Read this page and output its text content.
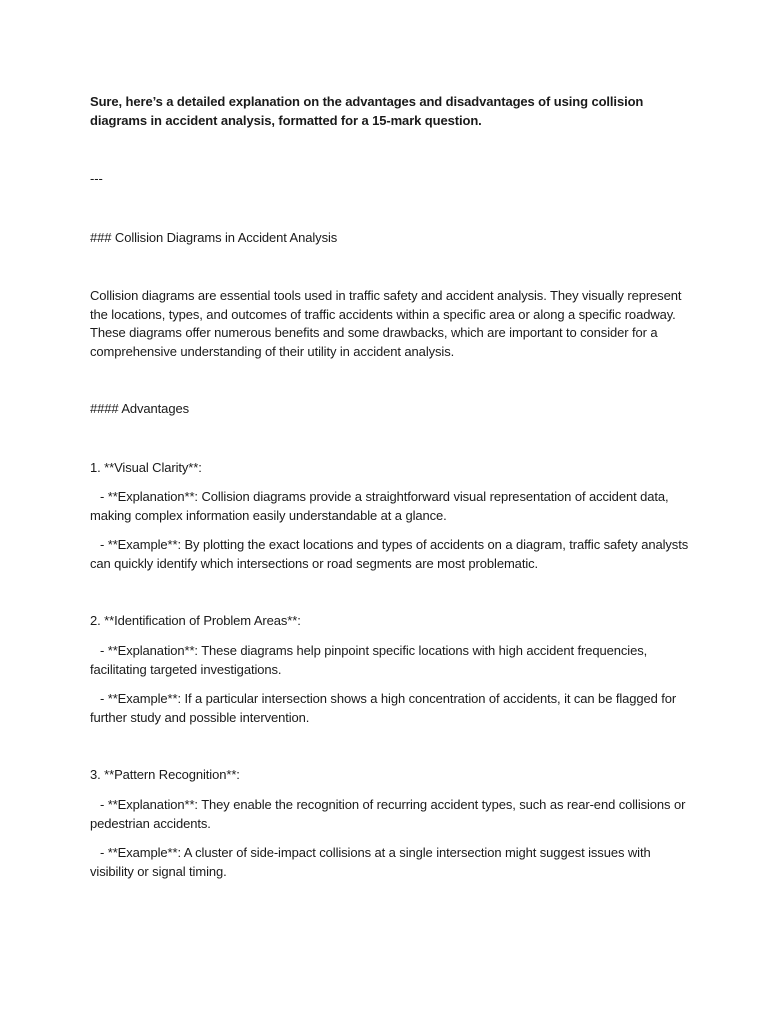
Sure, here’s a detailed explanation on the advantages and disadvantages of using collision diagrams in accident analysis, formatted for a 15-mark question.

---

### Collision Diagrams in Accident Analysis

Collision diagrams are essential tools used in traffic safety and accident analysis. They visually represent the locations, types, and outcomes of traffic accidents within a specific area or along a specific roadway. These diagrams offer numerous benefits and some drawbacks, which are important to consider for a comprehensive understanding of their utility in accident analysis.

#### Advantages

1. **Visual Clarity**:

- **Explanation**: Collision diagrams provide a straightforward visual representation of accident data, making complex information easily understandable at a glance.

- **Example**: By plotting the exact locations and types of accidents on a diagram, traffic safety analysts can quickly identify which intersections or road segments are most problematic.

2. **Identification of Problem Areas**:

- **Explanation**: These diagrams help pinpoint specific locations with high accident frequencies, facilitating targeted investigations.

- **Example**: If a particular intersection shows a high concentration of accidents, it can be flagged for further study and possible intervention.

3. **Pattern Recognition**:

- **Explanation**: They enable the recognition of recurring accident types, such as rear-end collisions or pedestrian accidents.

- **Example**: A cluster of side-impact collisions at a single intersection might suggest issues with visibility or signal timing.
